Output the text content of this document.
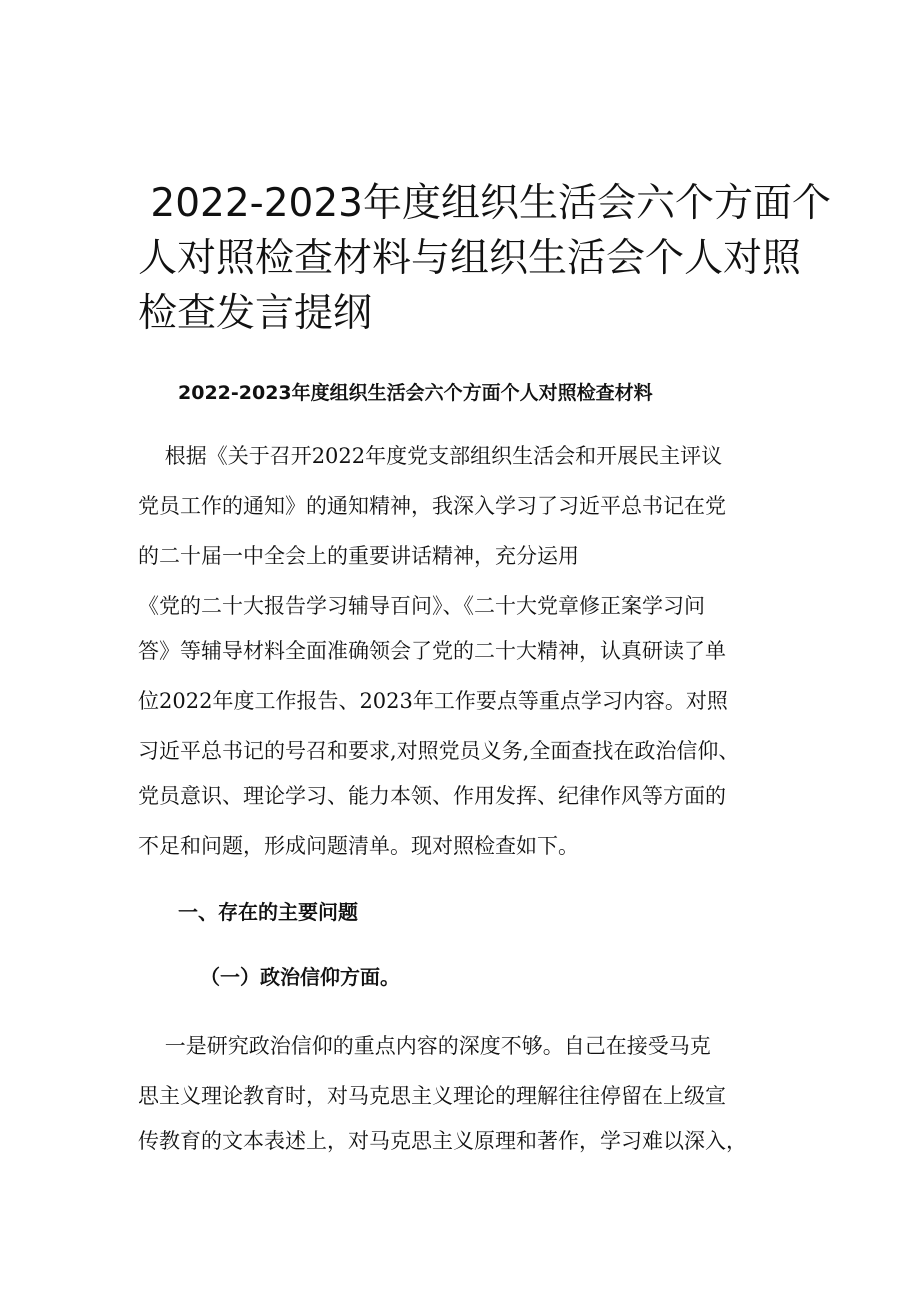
2022-2023年度组织生活会六个方面个
人对照检查材料与组织生活会个人对照
检查发言提纲
2022-2023年度组织生活会六个方面个人对照检查材料
根据《关于召开2022年度党支部组织生活会和开展民主评议
党员工作的通知》的通知精神，我深入学习了习近平总书记在党
的二十届一中全会上的重要讲话精神，充分运用
《党的二十大报告学习辅导百问》、《二十大党章修正案学习问
答》等辅导材料全面准确领会了党的二十大精神，认真研读了单
位2022年度工作报告、2023年工作要点等重点学习内容。对照
习近平总书记的号召和要求,对照党员义务,全面查找在政治信仰、
党员意识、理论学习、能力本领、作用发挥、纪律作风等方面的
不足和问题，形成问题清单。现对照检查如下。
一、存在的主要问题
（一）政治信仰方面。
一是研究政治信仰的重点内容的深度不够。自己在接受马克
思主义理论教育时，对马克思主义理论的理解往往停留在上级宣
传教育的文本表述上，对马克思主义原理和著作，学习难以深入，
